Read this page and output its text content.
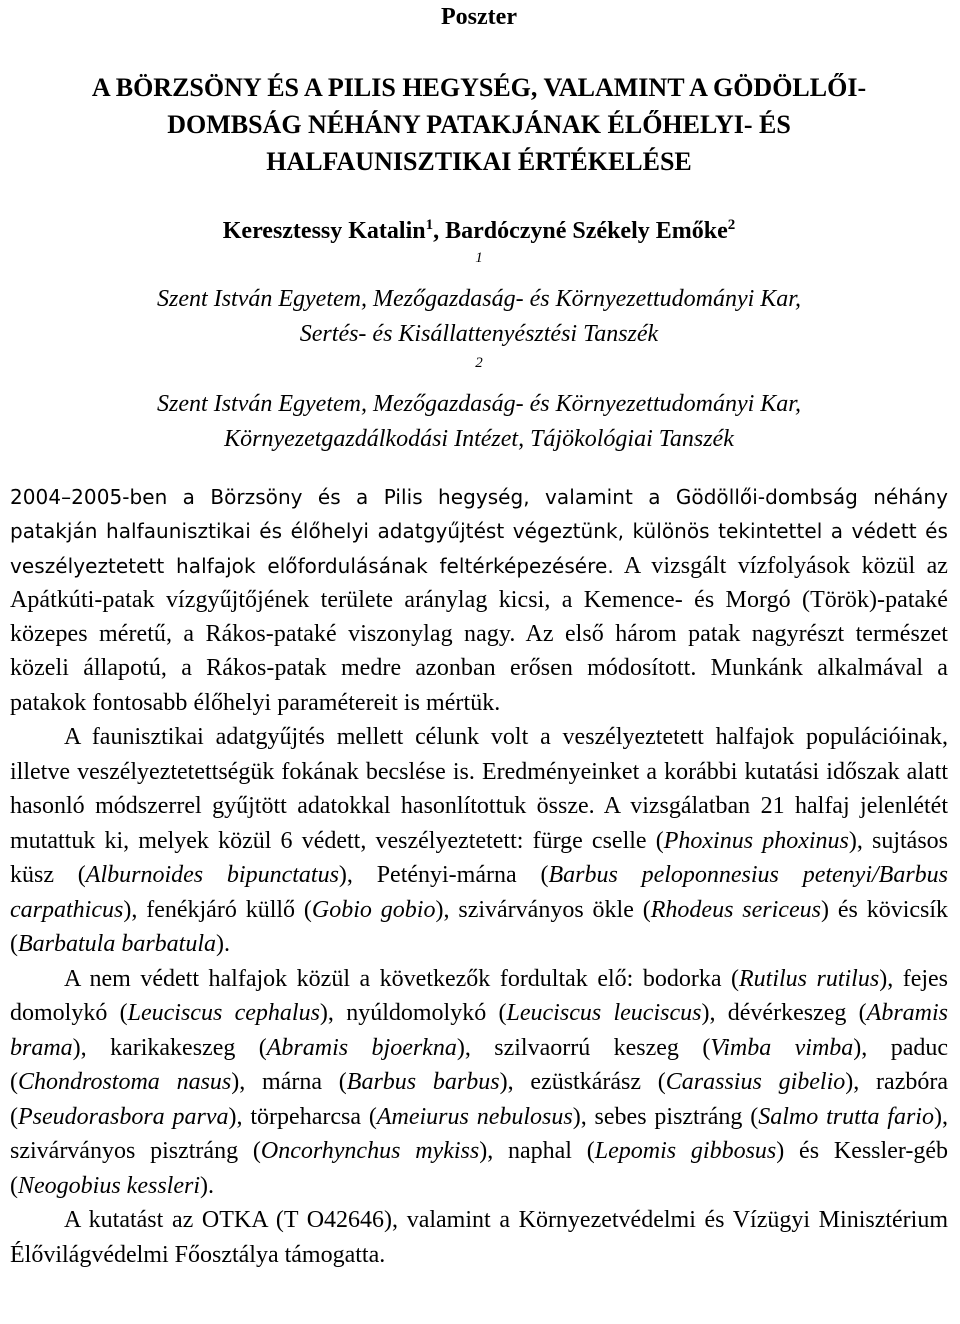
Poszter

A BÖRZSÖNY ÉS A PILIS HEGYSÉG, VALAMINT A GÖDÖLLŐI-
DOMBSÁG NÉHÁNY PATAKJÁNAK ÉLŐHELYI- ÉS
HALFAUNISZTIKAI ÉRTÉKELÉSE

Keresztessy Katalin$^1$, Bardóczyné Székely Emőke$^2$

$^1$
Szent István Egyetem, Mezőgazdaság- és Környezettudományi Kar,
Sertés- és Kisállattenyésztési Tanszék
$^2$
Szent István Egyetem, Mezőgazdaság- és Környezettudományi Kar,
Környezetgazdálkodási Intézet, Tájökológiai Tanszék

2004–2005-ben a Börzsöny és a Pilis hegység, valamint a Gödöllői-dombság néhány patakján halfaunisztikai és élőhelyi adatgyűjtést végeztünk, különös tekintettel a védett és veszélyeztetett halfajok előfordulásának feltérképezésére. A vizsgált vízfolyások közül az Apátkúti-patak vízgyűjtőjének területe aránylag kicsi, a Kemence- és Morgó (Török)-pataké közepes méretű, a Rákos-pataké viszonylag nagy. Az első három patak nagyrészt természet közeli állapotú, a Rákos-patak medre azonban erősen módosított. Munkánk alkalmával a patakok fontosabb élőhelyi paramétereit is mértük.

A faunisztikai adatgyűjtés mellett célunk volt a veszélyeztetett halfajok populációinak, illetve veszélyeztetettségük fokának becslése is. Eredményeinket a korábbi kutatási időszak alatt hasonló módszerrel gyűjtött adatokkal hasonlítottuk össze. A vizsgálatban 21 halfaj jelenlétét mutattuk ki, melyek közül 6 védett, veszélyeztetett: fürge cselle (Phoxinus phoxinus), sujtásos küsz (Alburnoides bipunctatus), Petényi-márna (Barbus peloponnesius petenyi/Barbus carpathicus), fenékjáró küllő (Gobio gobio), szivárványos ökle (Rhodeus sericeus) és kövicsík (Barbatula barbatula).

A nem védett halfajok közül a következők fordultak elő: bodorka (Rutilus rutilus), fejes domolykó (Leuciscus cephalus), nyúldomolykó (Leuciscus leuciscus), dévérkeszeg (Abramis brama), karikakeszeg (Abramis bjoerkna), szilvaorrú keszeg (Vimba vimba), paduc (Chondrostoma nasus), márna (Barbus barbus), ezüstkárász (Carassius gibelio), razbóra (Pseudorasbora parva), törpeharcsa (Ameiurus nebulosus), sebes pisztráng (Salmo trutta fario), szivárványos pisztráng (Oncorhynchus mykiss), naphal (Lepomis gibbosus) és Kessler-géb (Neogobius kessleri).

A kutatást az OTKA (T O42646), valamint a Környezetvédelmi és Vízügyi Minisztérium Élővilágvédelmi Főosztálya támogatta.
